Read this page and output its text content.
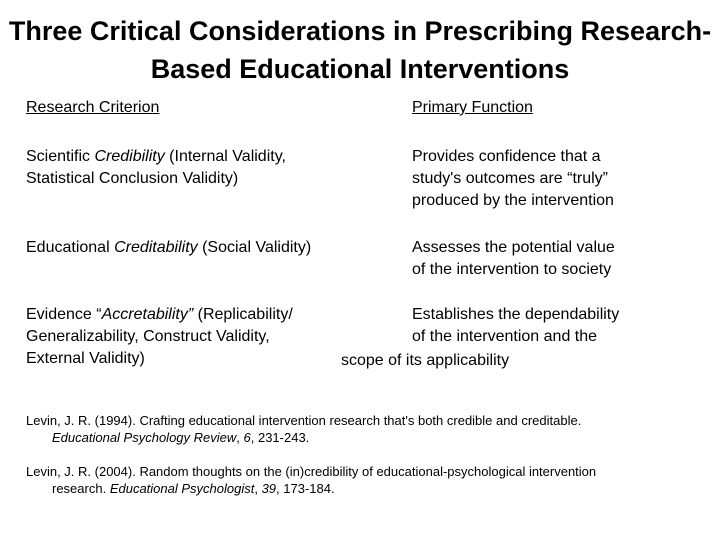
Three Critical Considerations in Prescribing Research-
Based Educational Interventions
Research Criterion	Primary Function
Scientific Credibility (Internal Validity,
Statistical Conclusion Validity)
Provides confidence that a
study's outcomes are “truly”
produced by the intervention
Educational Creditability (Social Validity)	Assesses the potential value
of the intervention to society
Evidence “Accretability” (Replicability/
Generalizability, Construct Validity,
External Validity)
Establishes the dependability
of the intervention and the
scope of its applicability
Levin, J. R. (1994). Crafting educational intervention research that's both credible and creditable.
Educational Psychology Review, 6, 231-243.
Levin, J. R. (2004). Random thoughts on the (in)credibility of educational-psychological intervention
research. Educational Psychologist, 39, 173-184.
